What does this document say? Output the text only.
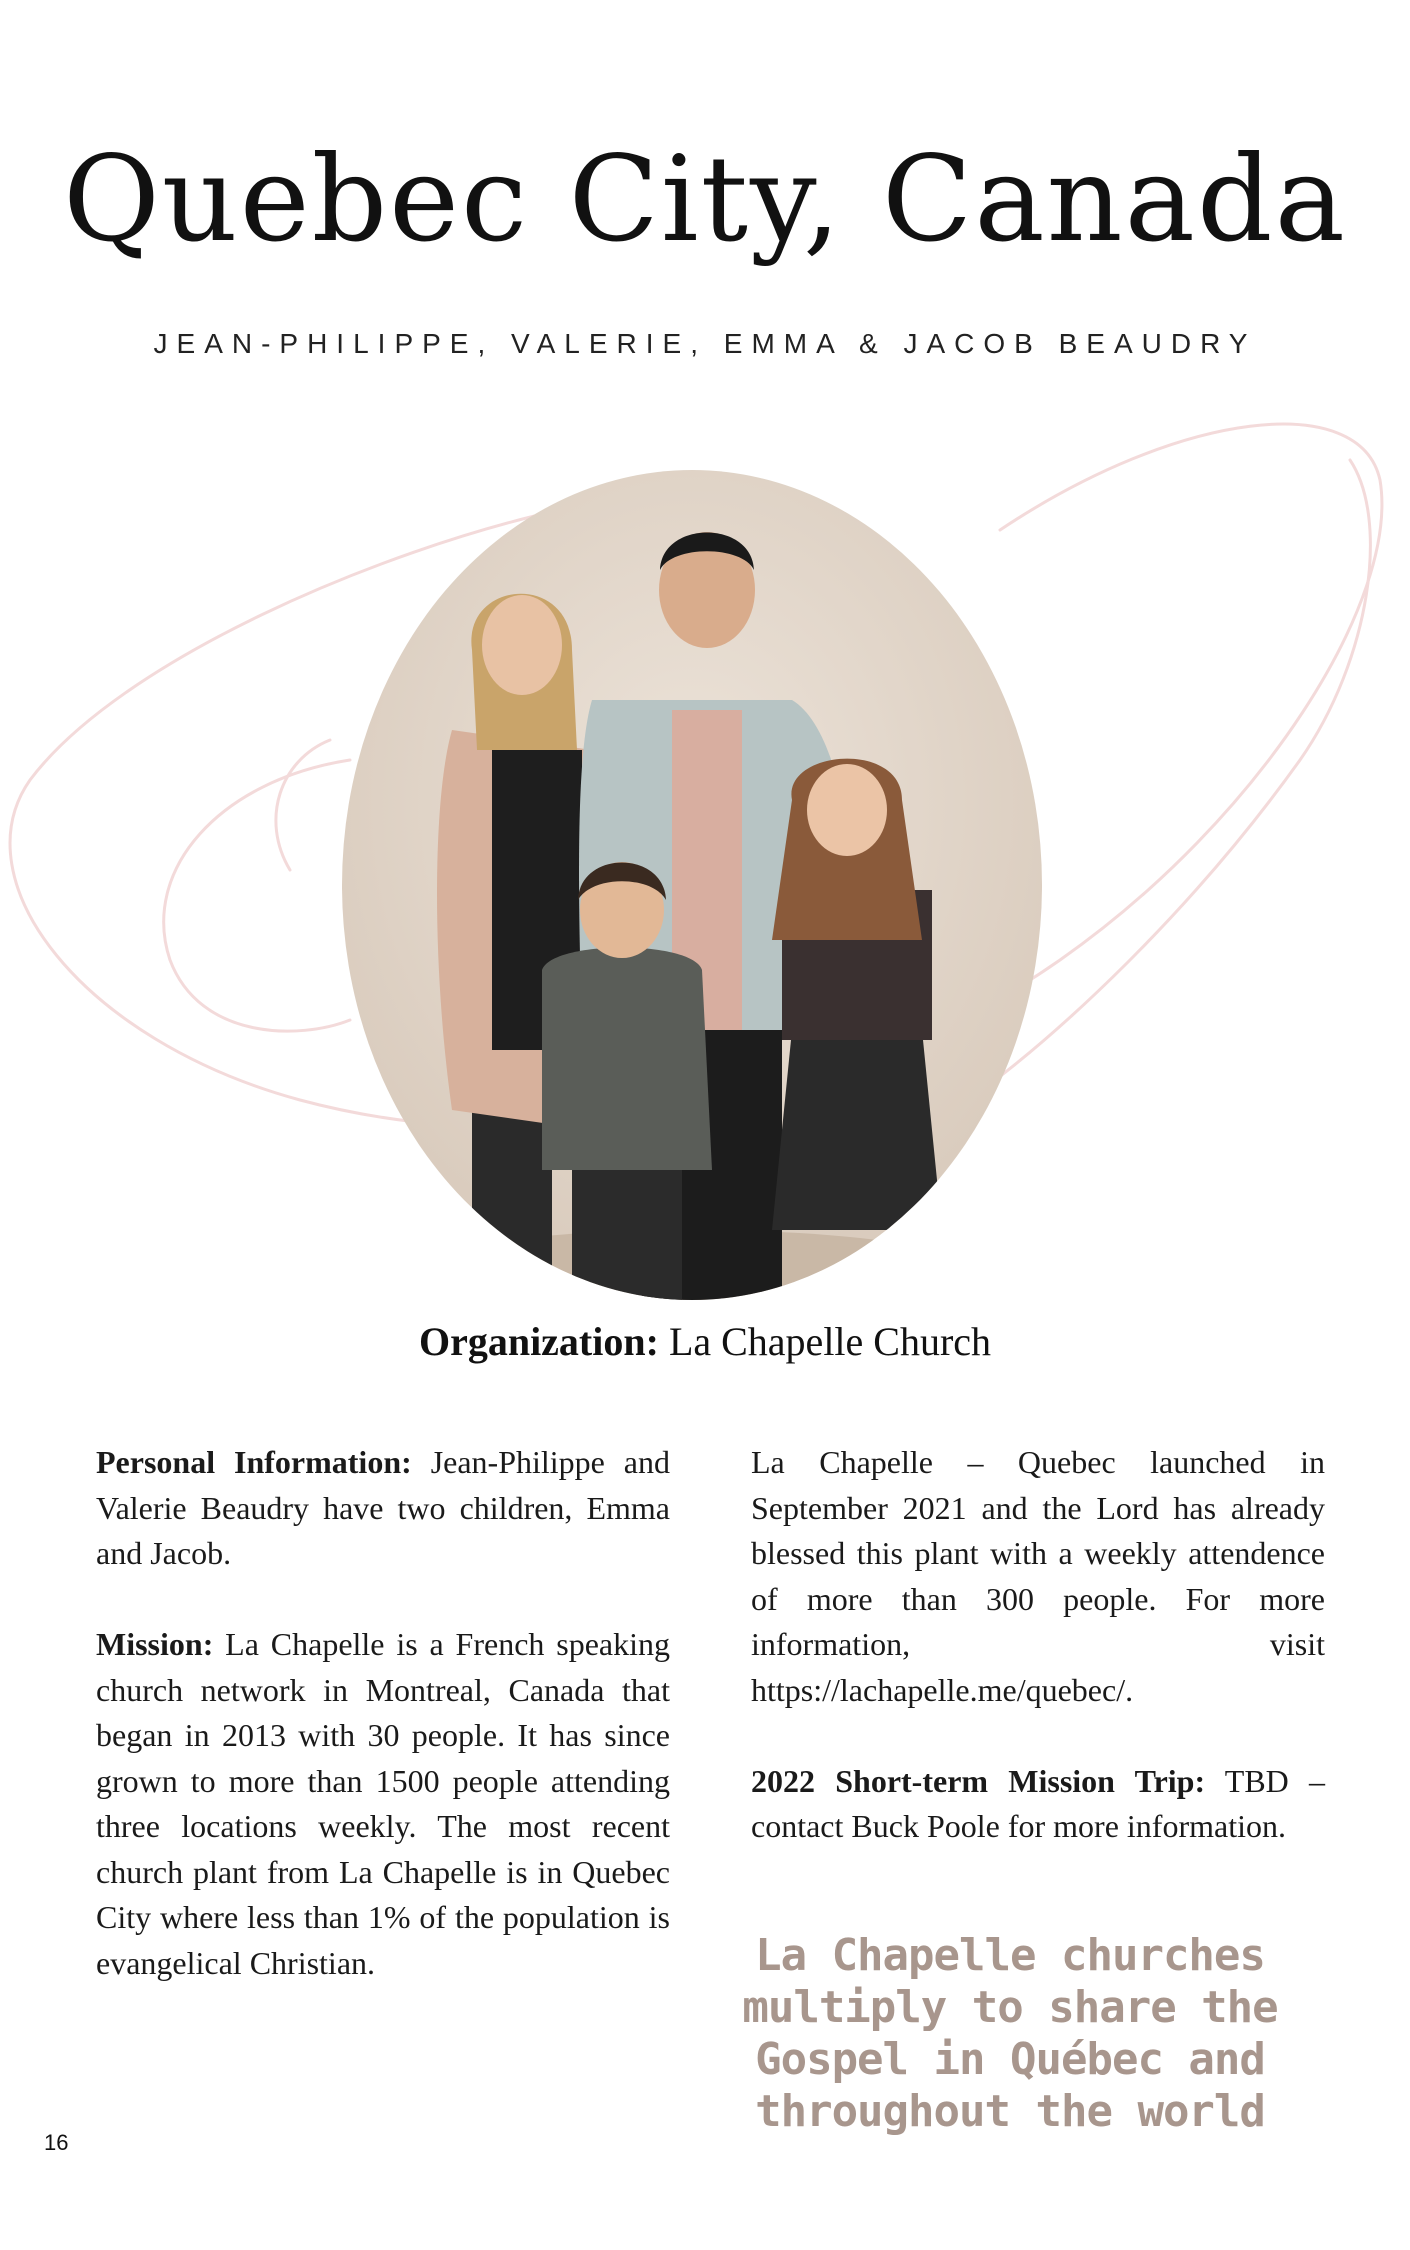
Quebec City, Canada
JEAN-PHILIPPE, VALERIE, EMMA & JACOB BEAUDRY
Organization: La Chapelle Church

Personal Information: Jean-Philippe and Valerie Beaudry have two children, Emma and Jacob.

Mission: La Chapelle is a French speaking church network in Montreal, Canada that began in 2013 with 30 people. It has since grown to more than 1500 people attending three locations weekly. The most recent church plant from La Chapelle is in Quebec City where less than 1% of the population is evangelical Christian.

La Chapelle – Quebec launched in September 2021 and the Lord has already blessed this plant with a weekly attendence of more than 300 people. For more information, visit https://lachapelle.me/quebec/.

2022 Short-term Mission Trip: TBD – contact Buck Poole for more information.

La Chapelle churches multiply to share the Gospel in Québec and throughout the world
16
